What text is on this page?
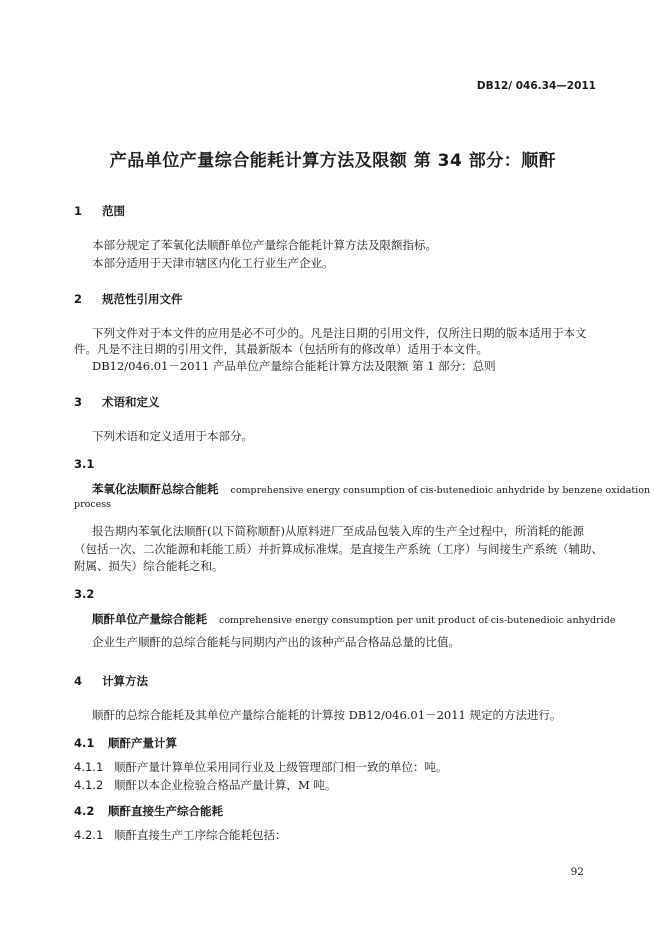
DB12/ 046.34—2011
产品单位产量综合能耗计算方法及限额 第 34 部分：顺酐
1 范围
本部分规定了苯氧化法顺酐单位产量综合能耗计算方法及限额指标。
本部分适用于天津市辖区内化工行业生产企业。
2 规范性引用文件
下列文件对于本文件的应用是必不可少的。凡是注日期的引用文件，仅所注日期的版本适用于本文
件。凡是不注日期的引用文件，其最新版本（包括所有的修改单）适用于本文件。
DB12/046.01－2011 产品单位产量综合能耗计算方法及限额 第 1 部分：总则
3 术语和定义
下列术语和定义适用于本部分。
3.1
苯氧化法顺酐总综合能耗 comprehensive energy consumption of cis-butenedioic anhydride by benzene oxidation
process
报告期内苯氧化法顺酐(以下简称顺酐)从原料进厂至成品包装入库的生产全过程中，所消耗的能源
（包括一次、二次能源和耗能工质）并折算成标准煤。是直接生产系统（工序）与间接生产系统（辅助、
附属、损失）综合能耗之和。
3.2
顺酐单位产量综合能耗 comprehensive energy consumption per unit product of cis-butenedioic anhydride
企业生产顺酐的总综合能耗与同期内产出的该种产品合格品总量的比值。
4 计算方法
顺酐的总综合能耗及其单位产量综合能耗的计算按 DB12/046.01－2011 规定的方法进行。
4.1 顺酐产量计算
4.1.1 顺酐产量计算单位采用同行业及上级管理部门相一致的单位：吨。
4.1.2 顺酐以本企业检验合格品产量计算，M 吨。
4.2 顺酐直接生产综合能耗
4.2.1 顺酐直接生产工序综合能耗包括：
92
